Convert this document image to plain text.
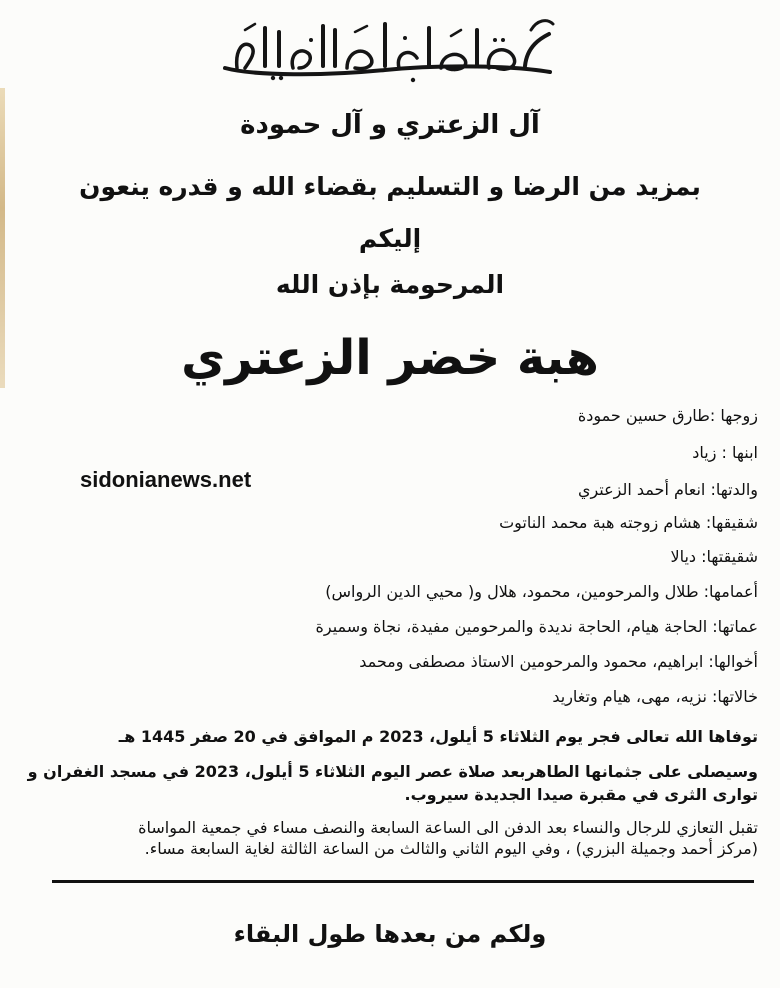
آل الزعتري و آل حمودة
بمزيد من الرضا و التسليم بقضاء الله و قدره ينعون
إليكم
المرحومة بإذن الله
هبة خضر الزعتري
زوجها :طارق حسين حمودة
ابنها : زياد
والدتها: انعام أحمد الزعتري
شقيقها: هشام زوجته هبة محمد الناتوت
شقيقتها: ديالا
أعمامها: طلال والمرحومين، محمود، هلال و( محيي الدين الرواس)
عماتها: الحاجة هيام، الحاجة نديدة والمرحومين مفيدة، نجاة وسميرة
أخوالها: ابراهيم، محمود والمرحومين الاستاذ مصطفى ومحمد
خالاتها: نزيه، مهى، هيام وتغاريد
sidonianews.net
توفاها الله تعالى فجر يوم الثلاثاء 5 أيلول، 2023 م الموافق في 20 صفر 1445 هـ
وسيصلى على جثمانها الطاهربعد صلاة عصر اليوم الثلاثاء 5 أيلول، 2023 في مسجد الغفران و
توارى الثرى في مقبرة صيدا الجديدة سيروب.
تقبل التعازي للرجال والنساء بعد الدفن الى الساعة السابعة والنصف مساء في جمعية المواساة
(مركز أحمد وجميلة البزري) ، وفي اليوم الثاني والثالث من الساعة الثالثة لغاية السابعة مساء.
ولكم من بعدها طول البقاء
